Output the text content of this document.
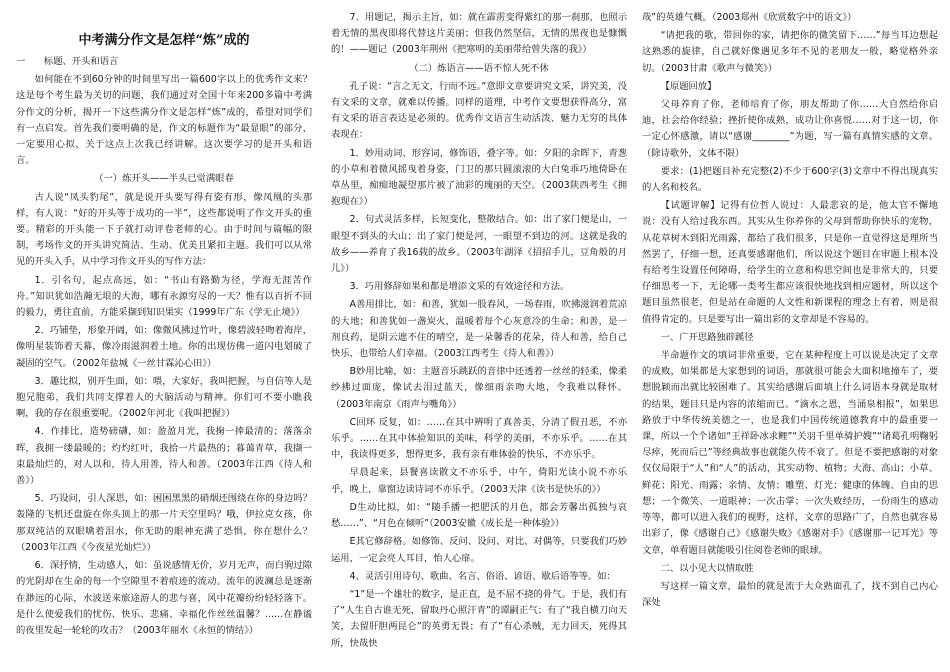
中考满分作文是怎样“炼”成的
一　　标题、开头和语言
如何能在不到60分钟的时间里写出一篇600字以上的优秀作文来？这是每个考生最为关切的问题，我们通过对全国十年来200多篇中考满分作文的分析，揭开一下这些满分作文是怎样“炼”成的，希望对同学们有一点启发。首先我们要明确的是，作文的标题作为“最显眼”的部分，一定要用心拟，关于这点上次我已经讲解。这次要学习的是开头和语言。
（一）炼开头——半头已觉满眼春
古人说“凤头豹尾”，就是说开头要写得有姿有形，像凤凰的头那样，有人说：“好的开头等于成功的一半”，这些都说明了作文开头的重要。精彩的开头能一下子就打动评卷老师的心。由于时间与篇幅的限制，考场作文的开头讲究简洁、生动、优美且紧扣主题。我们可以从常见的开头入手，从中学习作文开头的写作方法：
1．引名句，起点高远，如：“书山有路勤为径，学海无涯苦作舟。”知识犹如浩瀚无垠的大海，哪有永源穷尽的一天？惟有以百折不回的毅力，勇往直前，方能采撷到知识果实（1999年广东《学无止境》）
2．巧铺垫，形象开阔，如：像微风拂过竹叶，像碧波轻吻着海岸，像明星装饰着天幕，像冷雨滋润着土地。你的出现仿佛一道闪电划破了凝固的空气。（2002年盐城《一丝甘霖沁心田》）
3．趣比拟，别开生面，如：喂，大家好，我叫把握，与自信等人是胞兄胞弟，我们共同支撑着人的大脑活动与精神。你们可不要小瞧我啊，我的存在很重要呢。（2002年河北《我叫把握》）
4．作排比，造势磅礴，如：盈盈月光，我掬一捧最清的；落落余晖，我拥一缕最暖的；灼灼红叶，我拾一片最热的；暮蔼青草，我撷一束最灿烂的，对人以和，待人用善，待人和善。（2003年江西《待人和善》）
5．巧设问，引人深思，如：困困黑黑的硝烟还围绕在你的身边吗？轰隆的飞机还盘旋在你头顶上的那一片天空里吗？哦，伊拉克女孩，你那双纯洁的双眼噙着泪水，你无助的眼神充满了恐惧，你在想什么？（2003年江西《今夜星光灿烂》）
6．深抒情，生动感人，如：虽说感情无价，岁月无声，而白驹过隙的光阴却在生命的每一个空隙里不着痕迹的流动。流年的波澜总是逐渐在渺远的心际，水波送来旅途游人的悲与喜，风中花瓣纷纷轻轻落下。是什么使爱我们的忧伤、快乐、悲痛、幸福化作丝丝温馨？……在静谧的夜里发起一轮轮的攻击？（2003年丽水《永恒的情结》）
7．用题记，揭示主旨，如：就在霹雳变得紫红的那一刹那，也照示着无情的黑夜即将代替这片美丽；但我仍然坚信，无情的黑夜也是慷慨的！——题记（2003年荆州《把寒明的美丽带给曾失落的我》）
（二）炼语言——语不惊人死不休
孔子说：“言之无文，行而不远。”意即文章要讲究文采，讲究美，没有文采的文章，就难以传播。同样的道理，中考作文要想获得高分，富有文采的语言表达是必须的。优秀作文语言生动活泼、魅力无穷的具体表现在：
1．妙用动词、形容词，修饰语，叠字等。如：夕阳的余晖下，青葱的小草和着微风摇曳着身姿，门卫的那只圆滚滚的大白兔乖巧地倚卧在草丛里，痴痴地凝望那片被了油彩的瑰丽的天空。（2003陕西考生《拥抱现在》）
2．句式灵活多样，长短变化，整散结合。如：出了家门便是山，一眼望不到头的大山；出了家门便是河，一眼望不到边的河。这就是我的故乡——养育了我16载的故乡。（2003年湖泽《招招手儿，豆角般的月儿》）
3．巧用修辞如果和都是增添文采的有效途径和方法。
A善用排比，如：和善，犹如一股春风，一场春雨，吹拂滋润着荒凉的大地；和善犹如一盏炭火，温暖着每个心灰意冷的生命；和善，是一剂良药，是阴云遮不住的晴空，是一朵馨香的花朵，待人和善，给自己快乐，也带给人们幸福。（2003江西考生《待人和善》）
B妙用比喻，如：主题音乐跳跃的音律中还透着一丝丝的轻柔，像柔纱拂过面庞，像试去泪过蓝天，像细雨亲吻大地，令我难以释怀。（2003年南京《雨声与嘴角》）
C回环 反复，如：……在其中辨明了真善美，分清了假丑恶，不亦乐乎。……在其中体验知识的美味，科学的美丽，不亦乐乎。……在其中，我读得更多，想得更多，我有亲有难体验的快乐，不亦乐乎。
早晨起来，县餐喜读散文不亦乐乎，中午，倚阳光读小说不亦乐乎，晚上，靠窗边读诗词不亦乐乎。（2003天津《读书是快乐的》）
D生动比拟，如：“随手播一把肥沃的月色，都会芳馨出孤独与哀愁……”、“月色在倾听”（2003安徽《成长是一种体验》）
E其它修辞格。如修饰、反问、设问、对比、对偶等，只要我们巧妙运用，一定会亮人耳目，怡人心扉。
4、灵活引用诗句、歌曲、名言、俗语、谚语、歇后语等等。如：
“1”是一个雄壮的数字，是正直，是不屈不挠的骨气。于是，我们有了“人生自古谁无死，留取丹心照汗青”的谭嗣正气；有了“我自横刀向天笑，去留肝胆两昆仑”的英勇无畏；有了“有心杀贼，无力回天，死得其所，快哉快
哉”的英雄气概。（2003郑州《欣赏数字中的语文》）
“请把我的歌，带回你的家，请把你的微笑留下……”每当耳边想起这熟悉的旋律，自己就好像遇见多年不见的老朋友一般，略觉格外亲切。（2003甘肃《歌声与微笑》）
【原题回放】
父母养育了你，老师培育了你，朋友帮助了你……大自然给你启迪，社会给你经验；挫折使你成熟，成功让你喜悦……对于这一切，你一定心怀感激，请以“感谢________”为题，写一篇有真情实感的文章。（除诗歌外，文体不限）
要求：(1)把题目补充完整(2)不少于600字(3)文章中不得出现真实的人名和校名。
【试题评解】记得有位哲人说过：人最悲哀的是，他太官不懈地说：没有人给过我东西。其实从生你养你的父母到帮助你快乐的宠物，从花草树木到阳光雨露，都给了我们很多，只是你一直觉得这是理所当然罢了，仔细一想，还真要感谢他们，所以说这个题目在审题上根本没有给考生设置任何障碍，给学生的立意和构思空间也是非常大的，只要仔细思考一下，无论哪一类考生都应该很快地找到相应题材，所以这个题目虽然很老，但是站在命题的人文性和新课程的理念上有着，则是很值得肯定的。只是要写出一篇出彩的文章却是不容易的。
一、广开思路独辟蹊径
半命题作文的填词非常重要，它在某种程度上可以说是决定了文章的成败，如果都是大家想到的词语，那就很可能会大面积地撞车了，要想脱颖而出就比较困难了。其实给感谢后面填上什么词语本身就是取材的结果，题目只是内容的浓缩而已。“滴水之恩，当涌泉相报”，如果思路放于中华传统美德之一，也是我们中国传统道德教育中的最重要一课，所以一个个诸如“王祥卧冰求鲤”“关羽千里单骑护嫂”“诸葛孔明鞠躬尽瘁，死而后已”等经典故事也就能久传不衰了。但是不要把感谢的对象仅仅局限于“人”和“人”的活动，其实动物、植物；大海、高山；小草、鲜花；阳光、雨露；亲情、友情；雕塑、灯光；健康的体魄、自由的思想；一个微笑、一道眼神；一次击掌；一次失败经历，一份雨生的感动等等，都可以进入我们的视野，这样，文章的思路广了，自然也就容易出彩了，像《感谢自己》《感谢失败》《感谢对手》《感谢那一记耳光》等文章，单看题目就能吸引住阅卷老师的眼球。
二、以小见大以情取胜
写这样一篇文章，最怕的就是流于大众熟面孔了，找不到自己内心深处
